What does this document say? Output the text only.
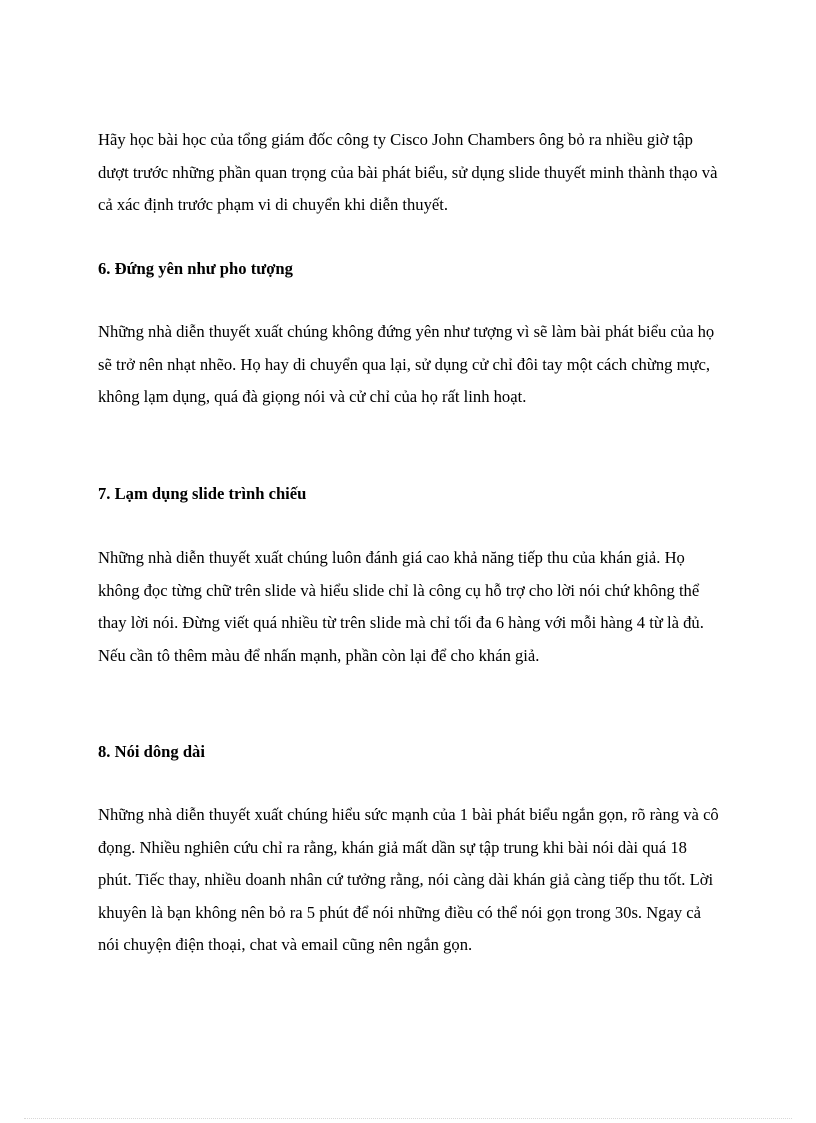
Hãy học bài học của tổng giám đốc công ty Cisco John Chambers ông bỏ ra nhiều giờ tập dượt trước những phần quan trọng của bài phát biểu, sử dụng slide thuyết minh thành thạo và cả xác định trước phạm vi di chuyển khi diễn thuyết.

6. Đứng yên như pho tượng

Những nhà diễn thuyết xuất chúng không đứng yên như tượng vì sẽ làm bài phát biểu của họ sẽ trở nên nhạt nhẽo. Họ hay di chuyển qua lại, sử dụng cử chỉ đôi tay một cách chừng mực, không lạm dụng, quá đà giọng nói và cử chỉ của họ rất linh hoạt.

7. Lạm dụng slide trình chiếu

Những nhà diễn thuyết xuất chúng luôn đánh giá cao khả năng tiếp thu của khán giả. Họ không đọc từng chữ trên slide và hiểu slide chỉ là công cụ hỗ trợ cho lời nói chứ không thể thay lời nói. Đừng viết quá nhiều từ trên slide mà chỉ tối đa 6 hàng với mỗi hàng 4 từ là đủ. Nếu cần tô thêm màu để nhấn mạnh, phần còn lại để cho khán giả.

8. Nói dông dài

Những nhà diễn thuyết xuất chúng hiểu sức mạnh của 1 bài phát biểu ngắn gọn, rõ ràng và cô đọng. Nhiều nghiên cứu chỉ ra rằng, khán giả mất dần sự tập trung khi bài nói dài quá 18 phút. Tiếc thay, nhiều doanh nhân cứ tưởng rằng, nói càng dài khán giả càng tiếp thu tốt. Lời khuyên là bạn không nên bỏ ra 5 phút để nói những điều có thể nói gọn trong 30s. Ngay cả nói chuyện điện thoại, chat và email cũng nên ngắn gọn.
